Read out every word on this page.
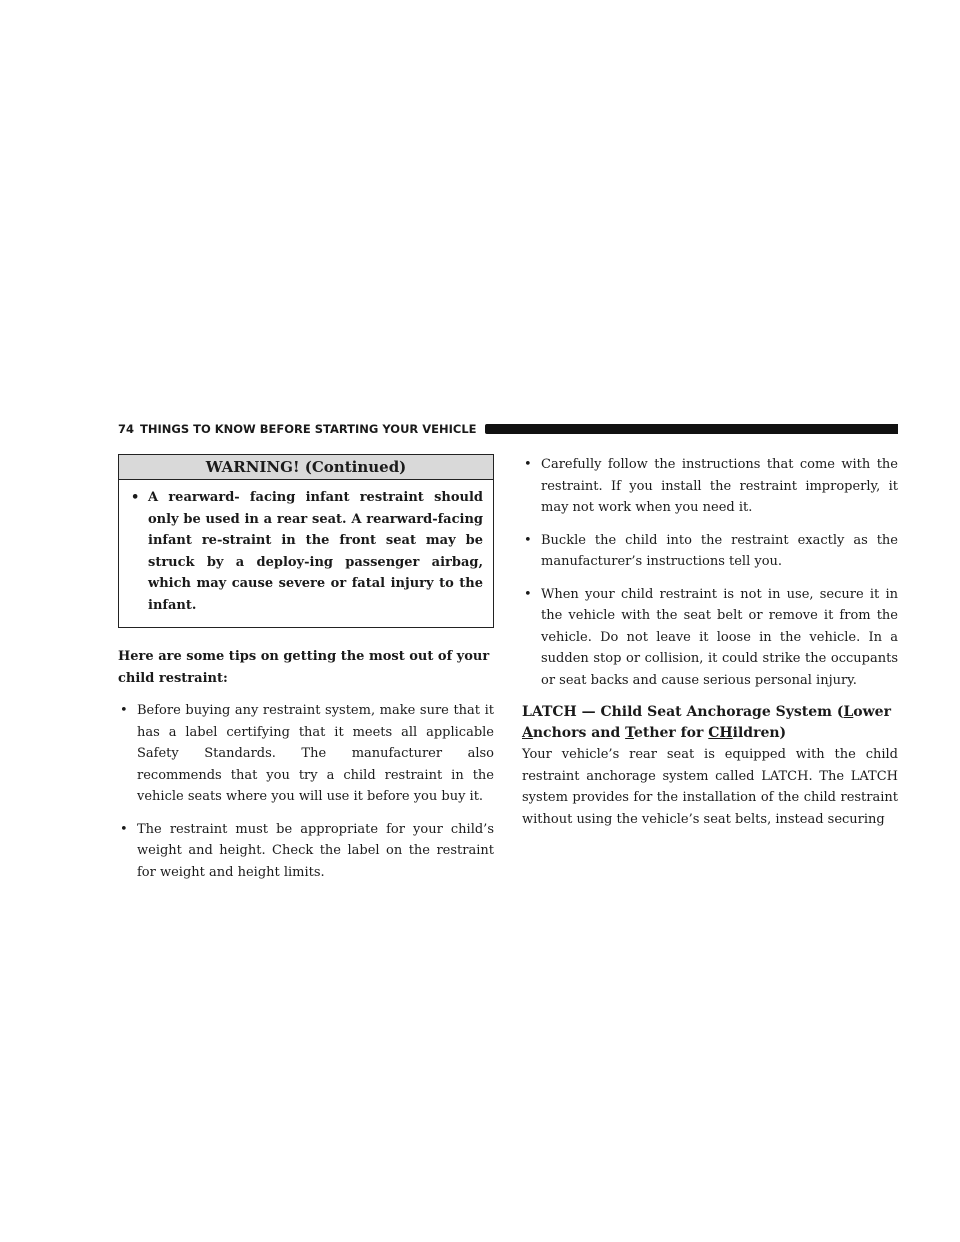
74 THINGS TO KNOW BEFORE STARTING YOUR VEHICLE
WARNING! (Continued)
• A rearward- facing infant restraint should only be used in a rear seat. A rearward-facing infant re-straint in the front seat may be struck by a deploy-ing passenger airbag, which may cause severe or fatal injury to the infant.

Here are some tips on getting the most out of your child restraint:

• Before buying any restraint system, make sure that it has a label certifying that it meets all applicable Safety Standards. The manufacturer also recommends that you try a child restraint in the vehicle seats where you will use it before you buy it.
• The restraint must be appropriate for your child’s weight and height. Check the label on the restraint for weight and height limits.
• Carefully follow the instructions that come with the restraint. If you install the restraint improperly, it may not work when you need it.
• Buckle the child into the restraint exactly as the manufacturer’s instructions tell you.
• When your child restraint is not in use, secure it in the vehicle with the seat belt or remove it from the vehicle. Do not leave it loose in the vehicle. In a sudden stop or collision, it could strike the occupants or seat backs and cause serious personal injury.

LATCH — Child Seat Anchorage System (Lower Anchors and Tether for CHildren)

Your vehicle’s rear seat is equipped with the child restraint anchorage system called LATCH. The LATCH system provides for the installation of the child restraint without using the vehicle’s seat belts, instead securing
